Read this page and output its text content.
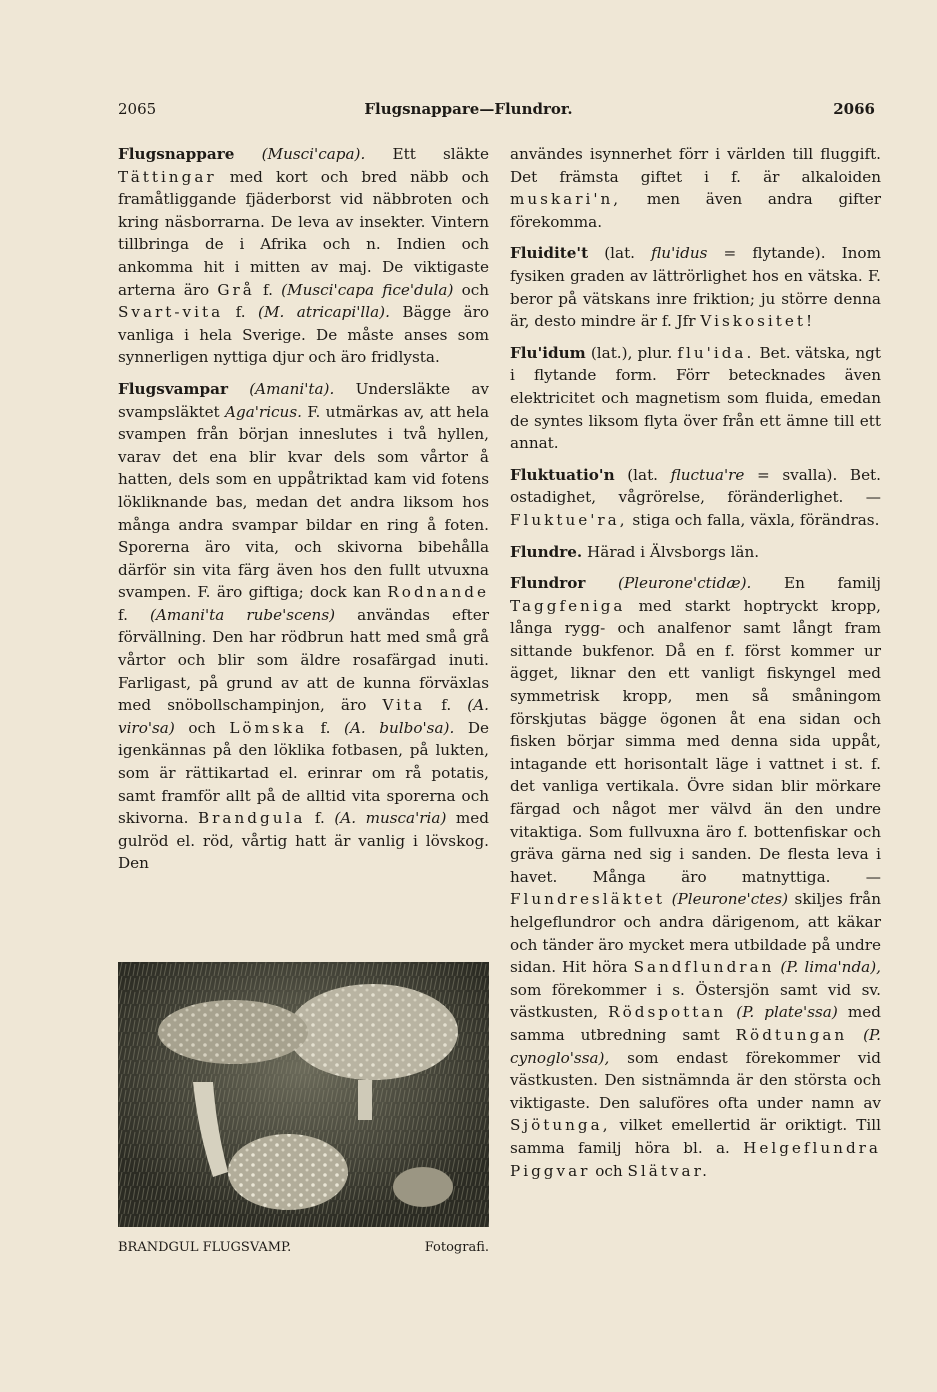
2065	Flugsnappare—Flundror.	2066

Flugsnappare (Musci'capa). Ett släkte Tättingar med kort och bred näbb och framåtliggande fjäderborst vid näbbroten och kring näsborrarna. De leva av insekter. Vintern tillbringa de i Afrika och n. Indien och ankomma hit i mitten av maj. De viktigaste arterna äro Grå f. (Musci'capa fice'dula) och Svart-vita f. (M. atricapi'lla). Bägge äro vanliga i hela Sverige. De måste anses som synnerligen nyttiga djur och äro fridlysta.

Flugsvampar (Amani'ta). Undersläkte av svampsläktet Aga'ricus. F. utmärkas av, att hela svampen från början inneslutes i två hyllen, varav det ena blir kvar dels som vårtor å hatten, dels som en uppåtriktad kam vid fotens lökliknande bas, medan det andra liksom hos många andra svampar bildar en ring å foten. Sporerna äro vita, och skivorna bibehålla därför sin vita färg även hos den fullt utvuxna svampen. F. äro giftiga; dock kan Rodnande f. (Amani'ta rube'scens) användas efter förvällning. Den har rödbrun hatt med små grå vårtor och blir som äldre rosafärgad inuti. Farligast, på grund av att de kunna förväxlas med snöbollschampinjon, äro Vita f. (A. viro'sa) och Lömska f. (A. bulbo'sa). De igenkännas på den löklika fotbasen, på lukten, som är rättikartad el. erinrar om rå potatis, samt framför allt på de alltid vita sporerna och skivorna. Brandgula f. (A. musca'ria) med gulröd el. röd, vårtig hatt är vanlig i lövskog. Den

BRANDGUL FLUGSVAMP.	Fotografi.

användes isynnerhet förr i världen till fluggift. Det främsta giftet i f. är alkaloiden muskari'n, men även andra gifter förekomma.

Fluidite't (lat. flu'idus = flytande). Inom fysiken graden av lättrörlighet hos en vätska. F. beror på vätskans inre friktion; ju större denna är, desto mindre är f. Jfr Viskositet!

Flu'idum (lat.), plur. flu'ida. Bet. vätska, ngt i flytande form. Förr betecknades även elektricitet och magnetism som fluida, emedan de syntes liksom flyta över från ett ämne till ett annat.

Fluktuatio'n (lat. fluctua're = svalla). Bet. ostadighet, vågrörelse, föränderlighet. — Fluktue'ra, stiga och falla, växla, förändras.

Flundre. Härad i Älvsborgs län.

Flundror (Pleurone'ctidæ). En familj Taggfeniga med starkt hoptryckt kropp, långa rygg- och analfenor samt långt fram sittande bukfenor. Då en f. först kommer ur ägget, liknar den ett vanligt fiskyngel med symmetrisk kropp, men så småningom förskjutas bägge ögonen åt ena sidan och fisken börjar simma med denna sida uppåt, intagande ett horisontalt läge i vattnet i st. f. det vanliga vertikala. Övre sidan blir mörkare färgad och något mer välvd än den undre vitaktiga. Som fullvuxna äro f. bottenfiskar och gräva gärna ned sig i sanden. De flesta leva i havet. Många äro matnyttiga. — Flundresläktet (Pleurone'ctes) skiljes från helgeflundror och andra därigenom, att käkar och tänder äro mycket mera utbildade på undre sidan. Hit höra Sandflundran (P. lima'nda), som förekommer i s. Östersjön samt vid sv. västkusten, Rödspottan (P. plate'ssa) med samma utbredning samt Rödtungan (P. cynoglo'ssa), som endast förekommer vid västkusten. Den sistnämnda är den största och viktigaste. Den saluföres ofta under namn av Sjötunga, vilket emellertid är oriktigt. Till samma familj höra bl. a. Helgeflundra Piggvar och Slätvar.
